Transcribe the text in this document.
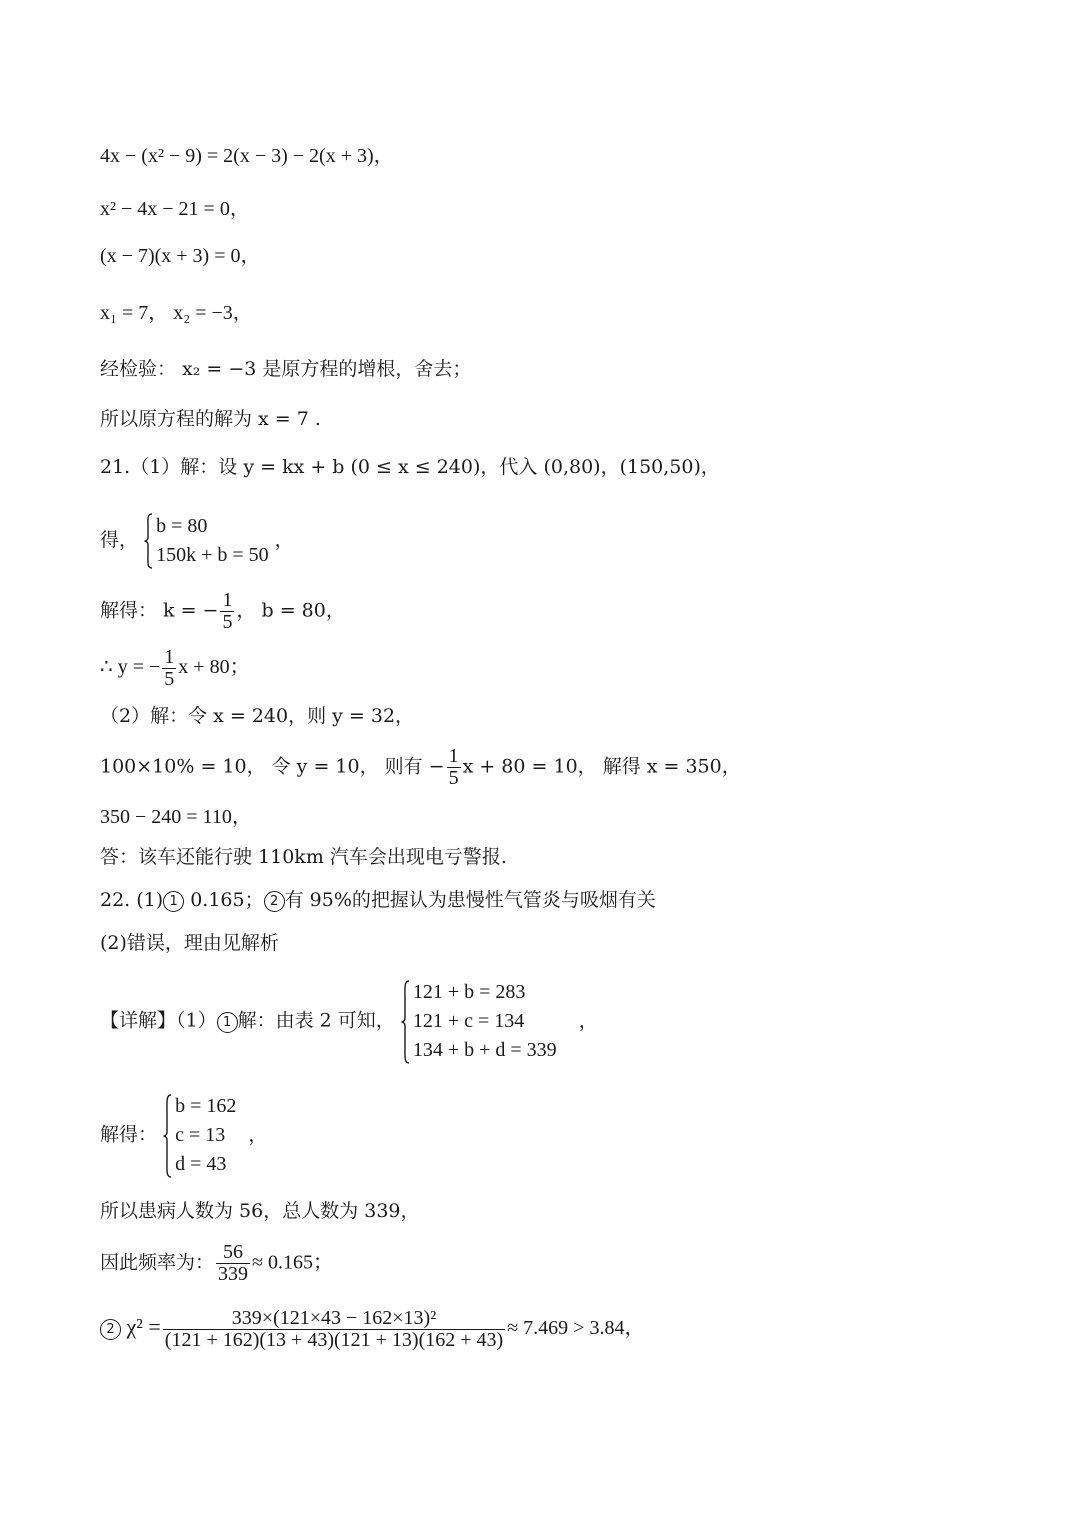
4x − (x² − 9) = 2(x − 3) − 2(x + 3)，
x² − 4x − 21 = 0，
(x − 7)(x + 3) = 0，
x₁ = 7， x₂ = −3，
经检验： x₂ = −3 是原方程的增根，舍去；
所以原方程的解为 x = 7 .
21.（1）解：设 y = kx + b (0 ≤ x ≤ 240)，代入 (0,80)，(150,50)，
得，
b = 80
150k + b = 50
，
解得： k = − $\frac{1}{5}$ ， b = 80，
∴ y = − $\frac{1}{5}$ x + 80；
（2）解：令 x = 240，则 y = 32，
100×10% = 10， 令 y = 10， 则有 − $\frac{1}{5}$ x + 80 = 10， 解得 x = 350，
350 − 240 = 110，
答：该车还能行驶 110km 汽车会出现电亏警报.
22. (1) 1 0.165； 2 有 95%的把握认为患慢性气管炎与吸烟有关
(2)错误，理由见解析
【详解】（1） 1 解：由表 2 可知，
121 + b = 283
121 + c = 134
134 + b + d = 339
，
解得：
b = 162
c = 13
d = 43
，
所以患病人数为 56，总人数为 339，
因此频率为： $\frac{56}{339} \approx 0.165$；
2 $\chi^2 = \frac{\text{339×(121×43 − 162×13)²}}{(121 + 162)(13 + 43)(121 + 13)(162 + 43)} \approx 7.469 > 3.84$，
